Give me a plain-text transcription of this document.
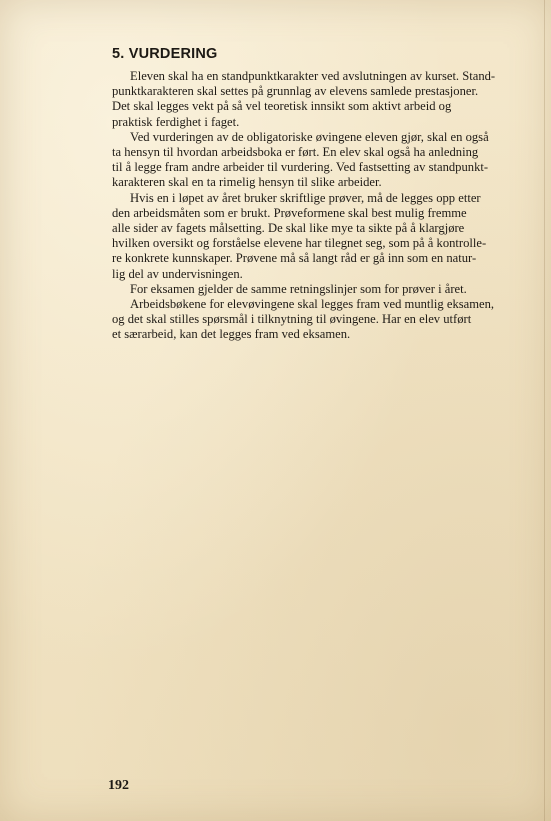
5. VURDERING

Eleven skal ha en standpunktkarakter ved avslutningen av kurset. Stand-
punktkarakteren skal settes på grunnlag av elevens samlede prestasjoner.
Det skal legges vekt på så vel teoretisk innsikt som aktivt arbeid og
praktisk ferdighet i faget.

Ved vurderingen av de obligatoriske øvingene eleven gjør, skal en også
ta hensyn til hvordan arbeidsboka er ført. En elev skal også ha anledning
til å legge fram andre arbeider til vurdering. Ved fastsetting av standpunkt-
karakteren skal en ta rimelig hensyn til slike arbeider.

Hvis en i løpet av året bruker skriftlige prøver, må de legges opp etter
den arbeidsmåten som er brukt. Prøveformene skal best mulig fremme
alle sider av fagets målsetting. De skal like mye ta sikte på å klargjøre
hvilken oversikt og forståelse elevene har tilegnet seg, som på å kontrolle-
re konkrete kunnskaper. Prøvene må så langt råd er gå inn som en natur-
lig del av undervisningen.

For eksamen gjelder de samme retningslinjer som for prøver i året.

Arbeidsbøkene for elevøvingene skal legges fram ved muntlig eksamen,
og det skal stilles spørsmål i tilknytning til øvingene. Har en elev utført
et særarbeid, kan det legges fram ved eksamen.

192
